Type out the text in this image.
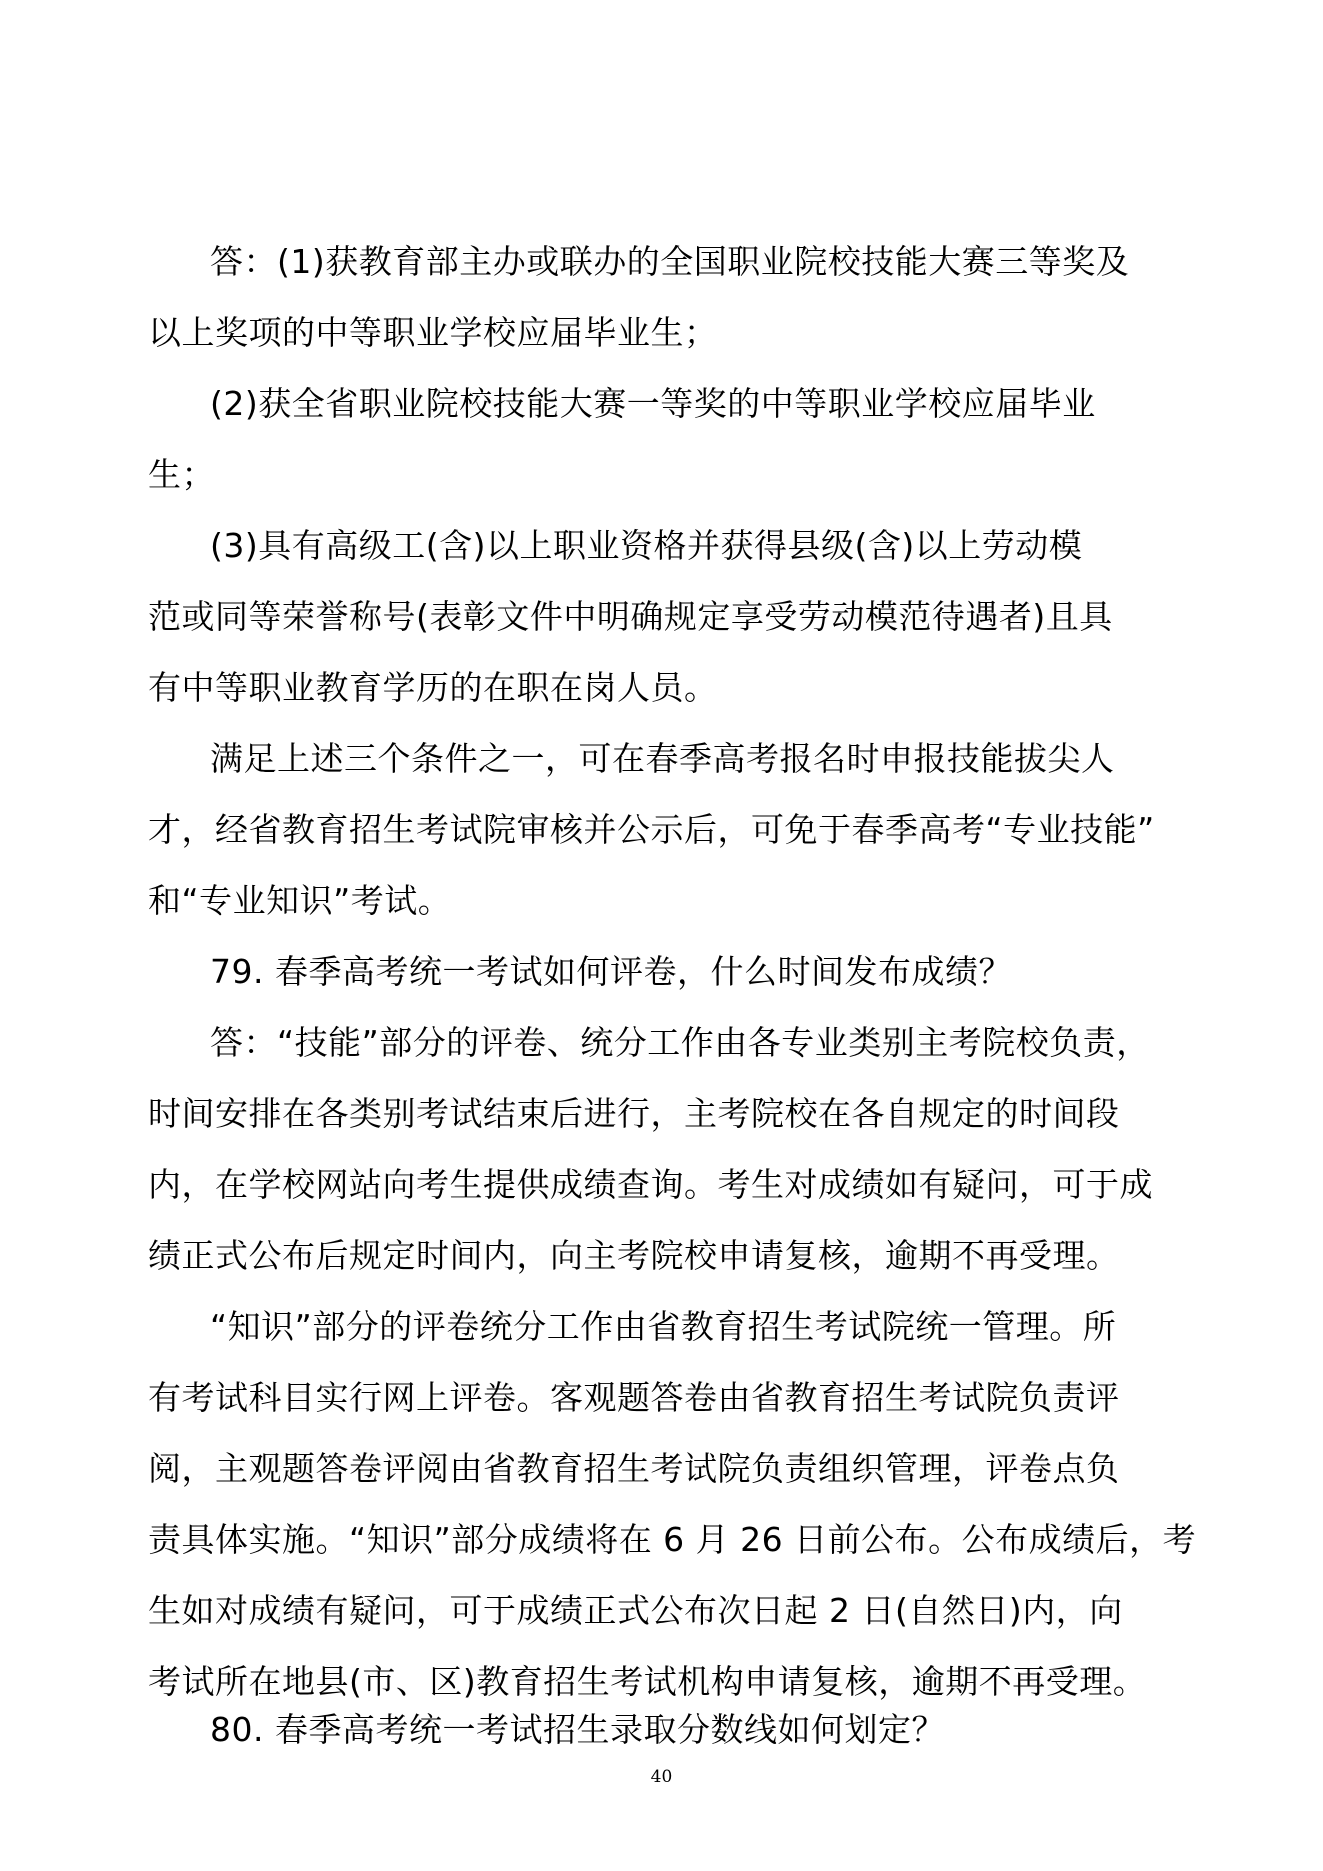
答：(1)获教育部主办或联办的全国职业院校技能大赛三等奖及
以上奖项的中等职业学校应届毕业生；
(2)获全省职业院校技能大赛一等奖的中等职业学校应届毕业
生；
(3)具有高级工(含)以上职业资格并获得县级(含)以上劳动模
范或同等荣誉称号(表彰文件中明确规定享受劳动模范待遇者)且具
有中等职业教育学历的在职在岗人员。
满足上述三个条件之一，可在春季高考报名时申报技能拔尖人
才，经省教育招生考试院审核并公示后，可免于春季高考“专业技能”
和“专业知识”考试。
79. 春季高考统一考试如何评卷，什么时间发布成绩？
答：“技能”部分的评卷、统分工作由各专业类别主考院校负责，
时间安排在各类别考试结束后进行，主考院校在各自规定的时间段
内，在学校网站向考生提供成绩查询。考生对成绩如有疑问，可于成
绩正式公布后规定时间内，向主考院校申请复核，逾期不再受理。
“知识”部分的评卷统分工作由省教育招生考试院统一管理。所
有考试科目实行网上评卷。客观题答卷由省教育招生考试院负责评
阅，主观题答卷评阅由省教育招生考试院负责组织管理，评卷点负
责具体实施。“知识”部分成绩将在 6 月 26 日前公布。公布成绩后，考
生如对成绩有疑问，可于成绩正式公布次日起 2 日(自然日)内，向
考试所在地县(市、区)教育招生考试机构申请复核，逾期不再受理。
80. 春季高考统一考试招生录取分数线如何划定？
40
